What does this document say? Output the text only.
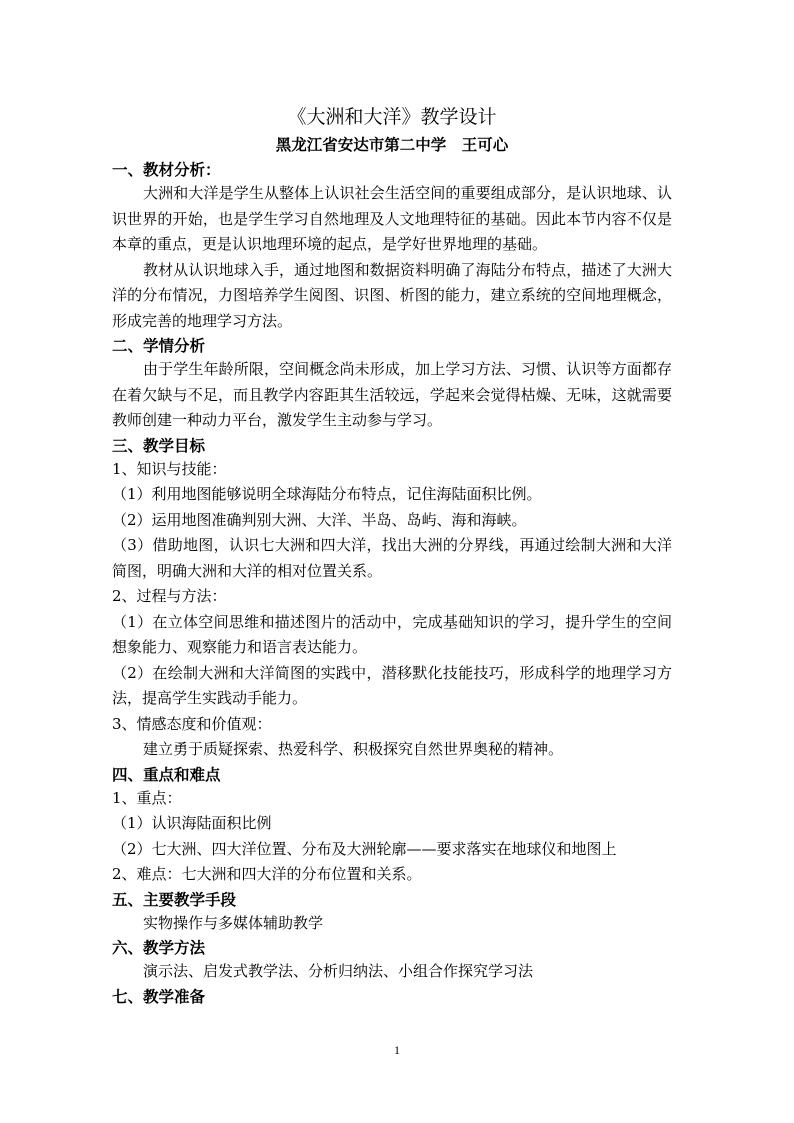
《大洲和大洋》教学设计

黑龙江省安达市第二中学　王可心

一、教材分析：

大洲和大洋是学生从整体上认识社会生活空间的重要组成部分，是认识地球、认识世界的开始，也是学生学习自然地理及人文地理特征的基础。因此本节内容不仅是本章的重点，更是认识地理环境的起点，是学好世界地理的基础。

教材从认识地球入手，通过地图和数据资料明确了海陆分布特点，描述了大洲大洋的分布情况，力图培养学生阅图、识图、析图的能力，建立系统的空间地理概念，形成完善的地理学习方法。

二、学情分析

由于学生年龄所限，空间概念尚未形成，加上学习方法、习惯、认识等方面都存在着欠缺与不足，而且教学内容距其生活较远，学起来会觉得枯燥、无味，这就需要教师创建一种动力平台，激发学生主动参与学习。

三、教学目标

1、知识与技能：

（1）利用地图能够说明全球海陆分布特点，记住海陆面积比例。

（2）运用地图准确判别大洲、大洋、半岛、岛屿、海和海峡。

（3）借助地图，认识七大洲和四大洋，找出大洲的分界线，再通过绘制大洲和大洋简图，明确大洲和大洋的相对位置关系。

2、过程与方法：

（1）在立体空间思维和描述图片的活动中，完成基础知识的学习，提升学生的空间想象能力、观察能力和语言表达能力。

（2）在绘制大洲和大洋简图的实践中，潜移默化技能技巧，形成科学的地理学习方法，提高学生实践动手能力。

3、情感态度和价值观：

建立勇于质疑探索、热爱科学、积极探究自然世界奥秘的精神。

四、重点和难点

1、重点：

（1）认识海陆面积比例

（2）七大洲、四大洋位置、分布及大洲轮廓——要求落实在地球仪和地图上

2、难点：七大洲和四大洋的分布位置和关系。

五、主要教学手段

实物操作与多媒体辅助教学

六、教学方法

演示法、启发式教学法、分析归纳法、小组合作探究学习法

七、教学准备

1
